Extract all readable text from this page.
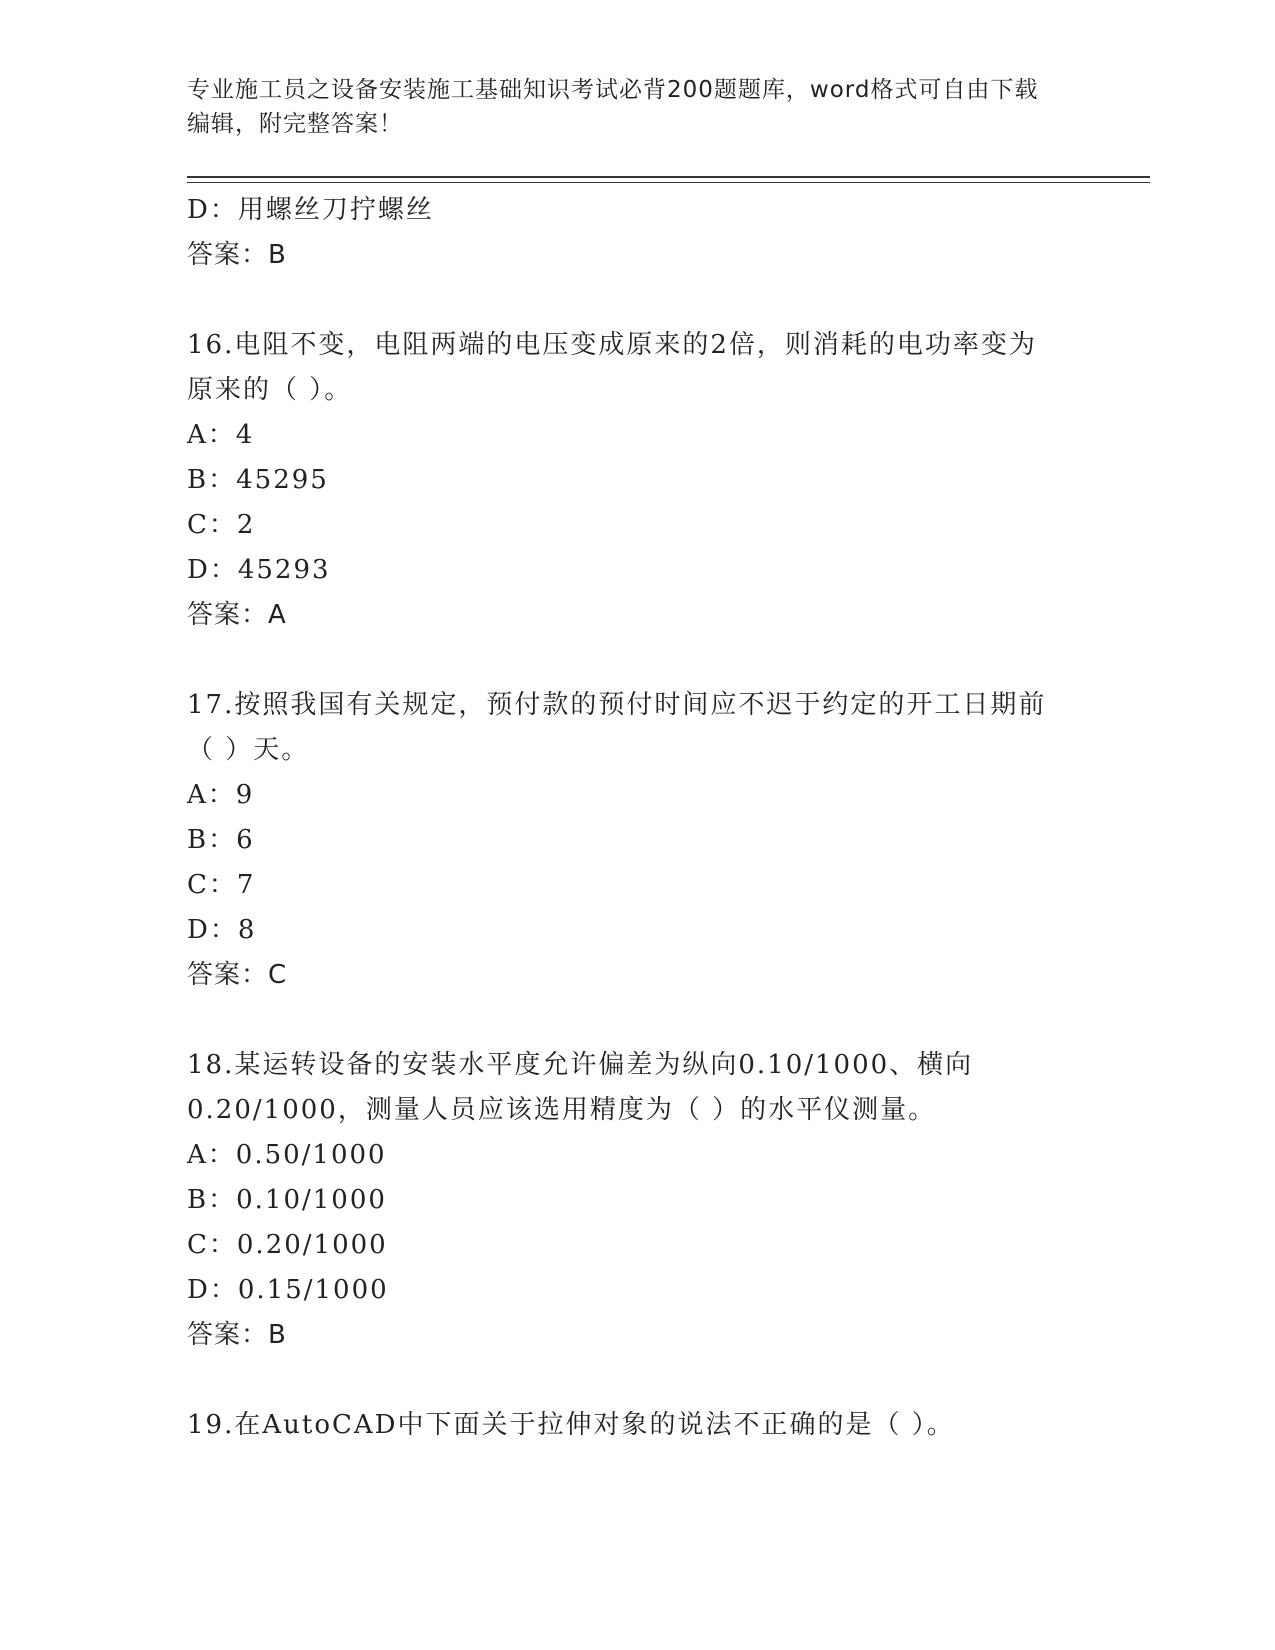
专业施工员之设备安装施工基础知识考试必背200题题库，word格式可自由下载
编辑，附完整答案！
D：用螺丝刀拧螺丝
答案：B
16.电阻不变，电阻两端的电压变成原来的2倍，则消耗的电功率变为
原来的（ ）。
A：4
B：45295
C：2
D：45293
答案：A
17.按照我国有关规定，预付款的预付时间应不迟于约定的开工日期前
（ ）天。
A：9
B：6
C：7
D：8
答案：C
18.某运转设备的安装水平度允许偏差为纵向0.10/1000、横向
0.20/1000，测量人员应该选用精度为（ ）的水平仪测量。
A：0.50/1000
B：0.10/1000
C：0.20/1000
D：0.15/1000
答案：B
19.在AutoCAD中下面关于拉伸对象的说法不正确的是（ ）。
